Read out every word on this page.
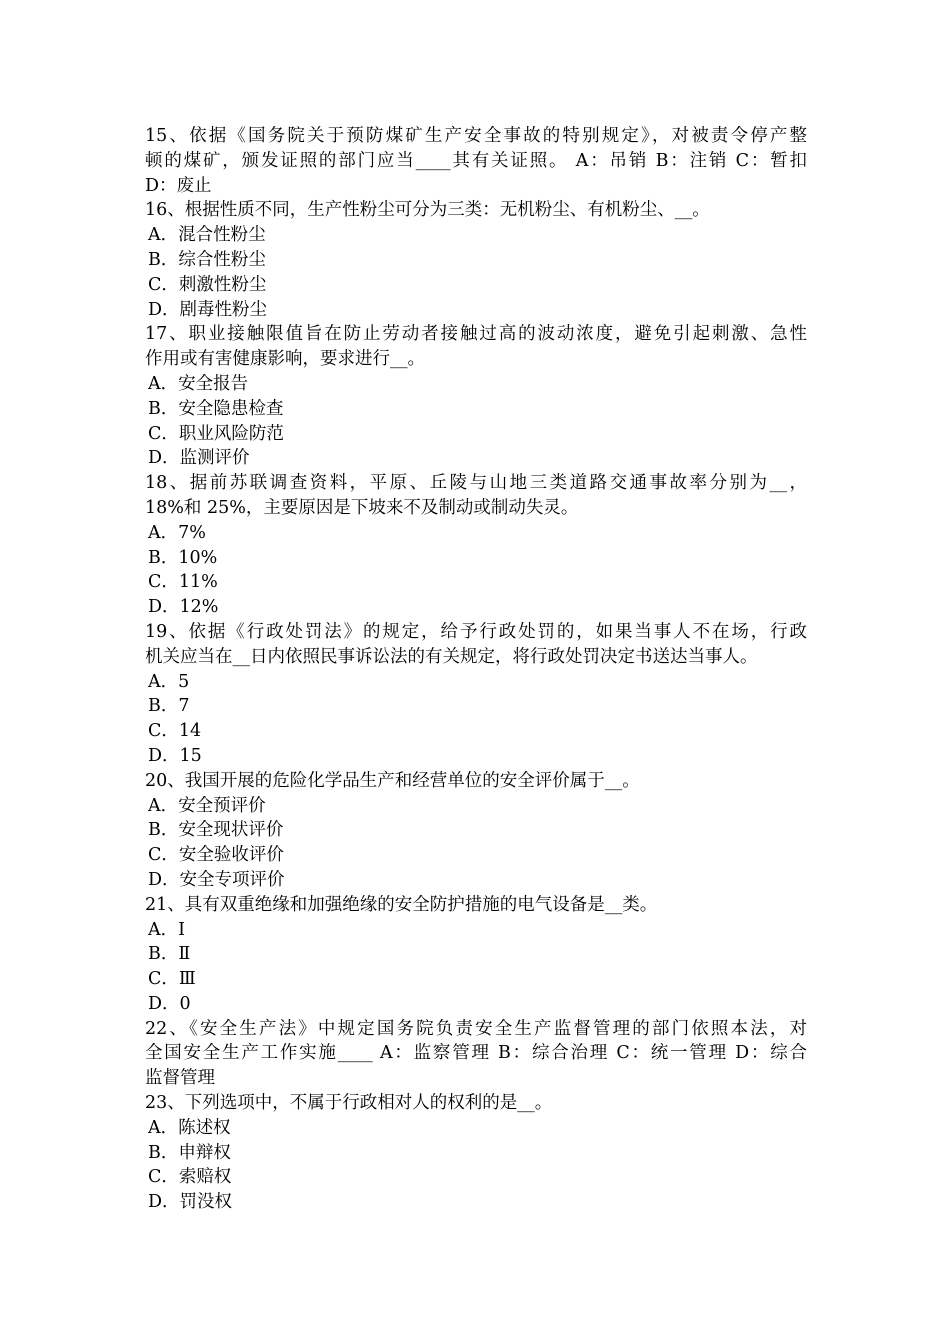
15、依据《国务院关于预防煤矿生产安全事故的特别规定》，对被责令停产整
顿的煤矿，颁发证照的部门应当____其有关证照。 A：吊销 B：注销 C：暂扣
D：废止
16、根据性质不同，生产性粉尘可分为三类：无机粉尘、有机粉尘、__。
A．混合性粉尘
B．综合性粉尘
C．刺激性粉尘
D．剧毒性粉尘
17、职业接触限值旨在防止劳动者接触过高的波动浓度，避免引起刺激、急性
作用或有害健康影响，要求进行__。
A．安全报告
B．安全隐患检查
C．职业风险防范
D．监测评价
18、据前苏联调查资料，平原、丘陵与山地三类道路交通事故率分别为__，
18%和 25%，主要原因是下坡来不及制动或制动失灵。
A．7%
B．10%
C．11%
D．12%
19、依据《行政处罚法》的规定，给予行政处罚的，如果当事人不在场，行政
机关应当在__日内依照民事诉讼法的有关规定，将行政处罚决定书送达当事人。
A．5
B．7
C．14
D．15
20、我国开展的危险化学品生产和经营单位的安全评价属于__。
A．安全预评价
B．安全现状评价
C．安全验收评价
D．安全专项评价
21、具有双重绝缘和加强绝缘的安全防护措施的电气设备是__类。
A．Ⅰ
B．Ⅱ
C．Ⅲ
D．0
22、《安全生产法》中规定国务院负责安全生产监督管理的部门依照本法，对
全国安全生产工作实施____ A：监察管理 B：综合治理 C：统一管理 D：综合
监督管理
23、下列选项中，不属于行政相对人的权利的是__。
A．陈述权
B．申辩权
C．索赔权
D．罚没权
